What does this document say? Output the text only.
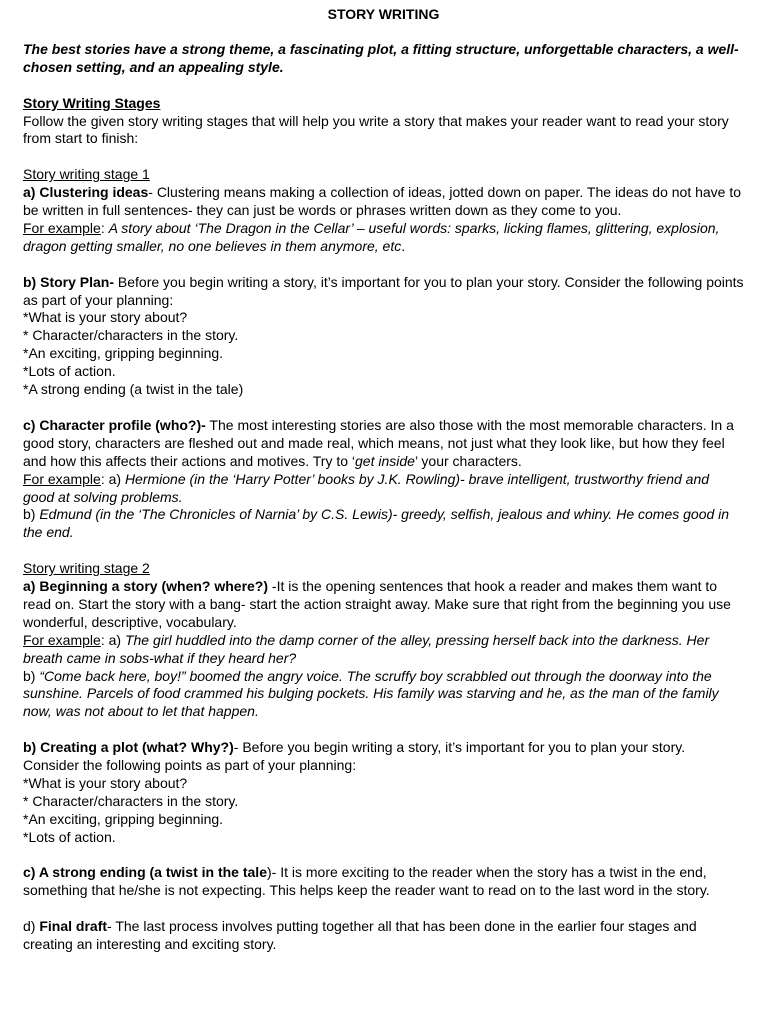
STORY WRITING

The best stories have a strong theme, a fascinating plot, a fitting structure, unforgettable characters, a well-chosen setting, and an appealing style.

Story Writing Stages

Follow the given story writing stages that will help you write a story that makes your reader want to read your story from start to finish:

Story writing stage 1

a) Clustering ideas- Clustering means making a collection of ideas, jotted down on paper. The ideas do not have to be written in full sentences- they can just be words or phrases written down as they come to you.

For example: A story about ‘The Dragon in the Cellar’ – useful words: sparks, licking flames, glittering, explosion, dragon getting smaller, no one believes in them anymore, etc.

b) Story Plan- Before you begin writing a story, it’s important for you to plan your story. Consider the following points as part of your planning:

*What is your story about?

* Character/characters in the story.

*An exciting, gripping beginning.

*Lots of action.

*A strong ending (a twist in the tale)

c) Character profile (who?)- The most interesting stories are also those with the most memorable characters. In a good story, characters are fleshed out and made real, which means, not just what they look like, but how they feel and how this affects their actions and motives. Try to ‘get inside’ your characters.

For example: a) Hermione (in the ‘Harry Potter’ books by J.K. Rowling)- brave intelligent, trustworthy friend and good at solving problems.

b) Edmund (in the ‘The Chronicles of Narnia’ by C.S. Lewis)- greedy, selfish, jealous and whiny. He comes good in the end.

Story writing stage 2

a) Beginning a story (when? where?) -It is the opening sentences that hook a reader and makes them want to read on. Start the story with a bang- start the action straight away. Make sure that right from the beginning you use wonderful, descriptive, vocabulary.

For example: a) The girl huddled into the damp corner of the alley, pressing herself back into the darkness. Her breath came in sobs-what if they heard her?

b) “Come back here, boy!” boomed the angry voice. The scruffy boy scrabbled out through the doorway into the sunshine. Parcels of food crammed his bulging pockets. His family was starving and he, as the man of the family now, was not about to let that happen.

b) Creating a plot (what? Why?)- Before you begin writing a story, it’s important for you to plan your story. Consider the following points as part of your planning:

*What is your story about?

* Character/characters in the story.

*An exciting, gripping beginning.

*Lots of action.

c) A strong ending (a twist in the tale)- It is more exciting to the reader when the story has a twist in the end, something that he/she is not expecting. This helps keep the reader want to read on to the last word in the story.

d) Final draft- The last process involves putting together all that has been done in the earlier four stages and creating an interesting and exciting story.
